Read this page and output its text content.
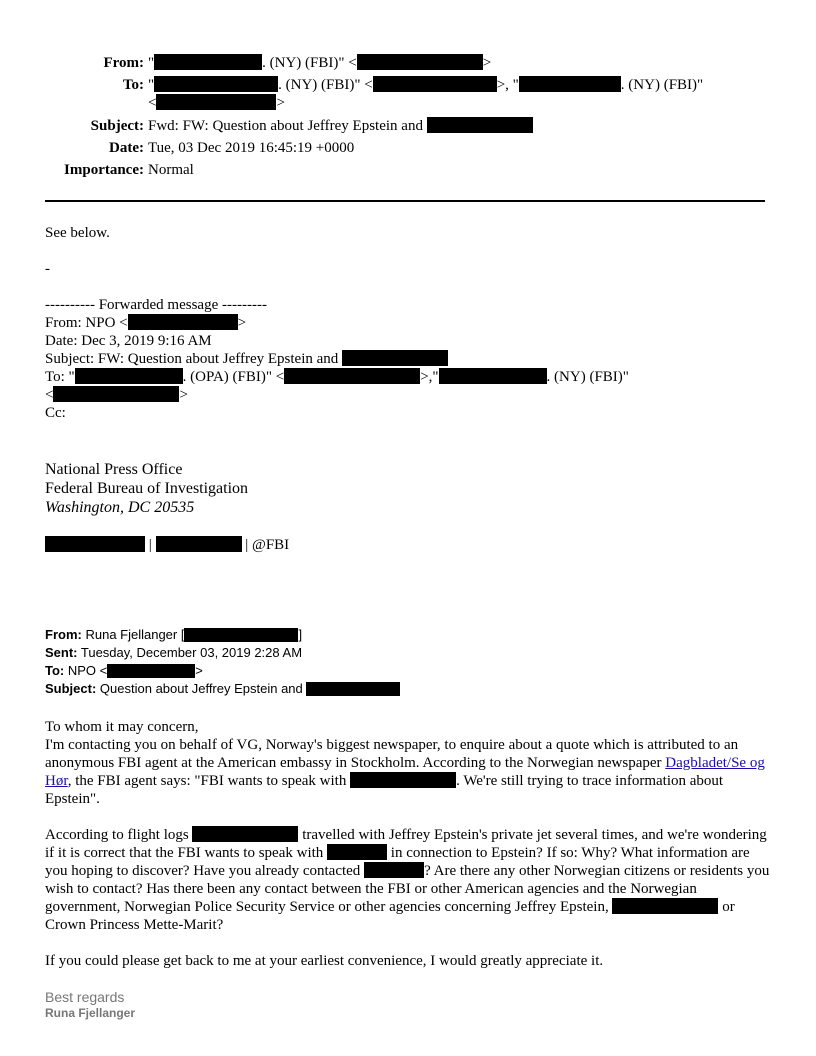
From: "	. (NY) (FBI)" <	>
To: "	. (NY) (FBI)" <	>, "	. (NY) (FBI)"
<	>
Subject: Fwd: FW: Question about Jeffrey Epstein and
Date: Tue, 03 Dec 2019 16:45:19 +0000
Importance: Normal
See below.
-
---------- Forwarded message ---------
From: NPO <	>
Date: Dec 3, 2019 9:16 AM
Subject: FW: Question about Jeffrey Epstein and
To: "	. (OPA) (FBI)" <	>,"	. (NY) (FBI)"
<	>
Cc:
National Press Office
Federal Bureau of Investigation
Washington, DC 20535
|	| @FBI
From: Runa Fjellanger [	]
Sent: Tuesday, December 03, 2019 2:28 AM
To: NPO <	>
Subject: Question about Jeffrey Epstein and
To whom it may concern,
I'm contacting you on behalf of VG, Norway's biggest newspaper, to enquire about a quote which is attributed to an anonymous FBI agent at the American embassy in Stockholm. According to the Norwegian newspaper Dagbladet/Se og Hør, the FBI agent says: "FBI wants to speak with	. We're still trying to trace information about Epstein".
According to flight logs	travelled with Jeffrey Epstein's private jet several times, and we're wondering if it is correct that the FBI wants to speak with	in connection to Epstein? If so: Why? What information are you hoping to discover? Have you already contacted	? Are there any other Norwegian citizens or residents you wish to contact? Has there been any contact between the FBI or other American agencies and the Norwegian government, Norwegian Police Security Service or other agencies concerning Jeffrey Epstein,	or Crown Princess Mette-Marit?
If you could please get back to me at your earliest convenience, I would greatly appreciate it.
Best regards
Runa Fjellanger
